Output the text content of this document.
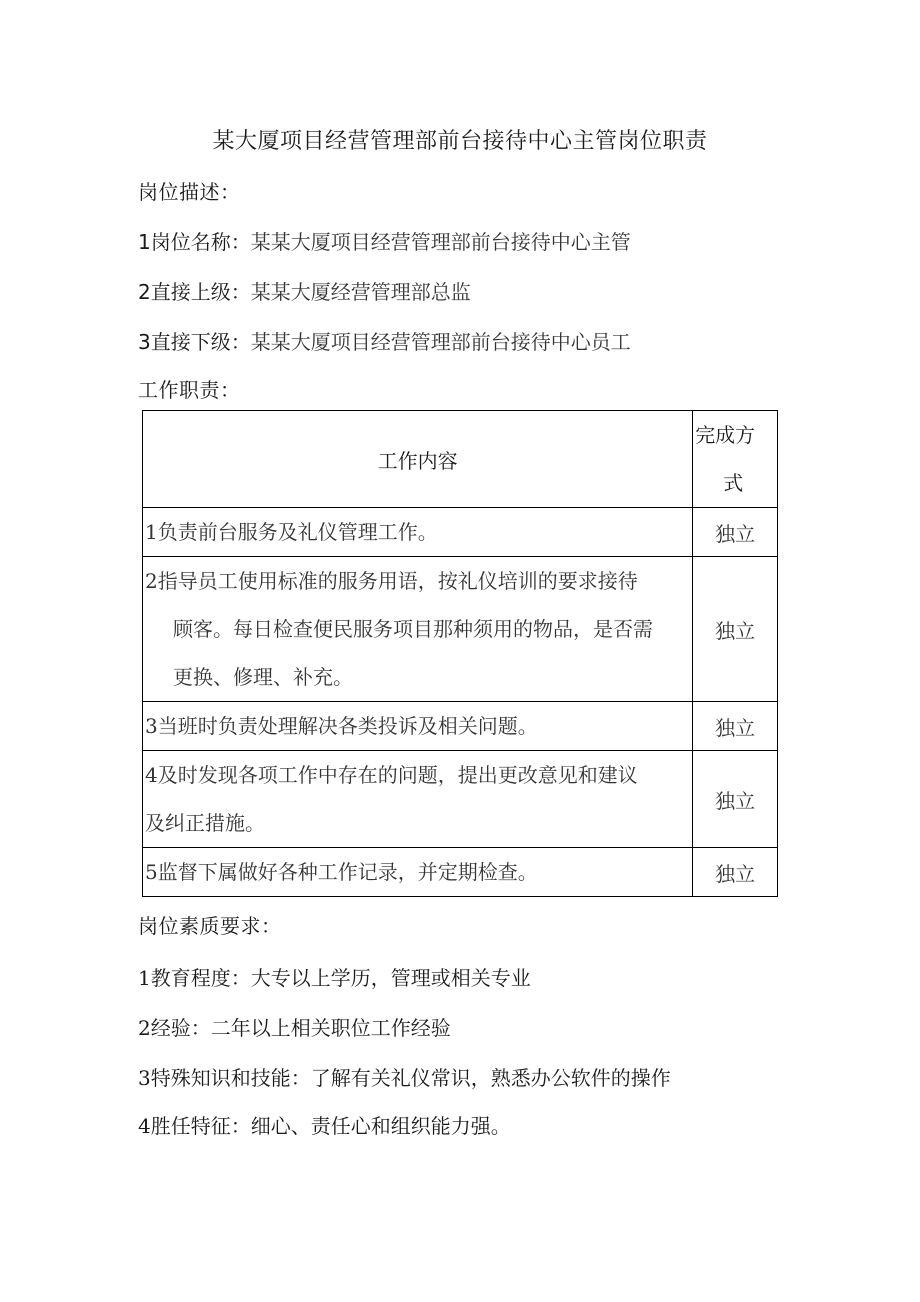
某大厦项目经营管理部前台接待中心主管岗位职责
岗位描述：
1岗位名称：某某大厦项目经营管理部前台接待中心主管
2直接上级：某某大厦经营管理部总监
3直接下级：某某大厦项目经营管理部前台接待中心员工
工作职责：
工作内容	完成方
式

1负责前台服务及礼仪管理工作。	独立

2指导员工使用标准的服务用语，按礼仪培训的要求接待
顾客。每日检查便民服务项目那种须用的物品，是否需
更换、修理、补充。	独立

3当班时负责处理解决各类投诉及相关问题。	独立

4及时发现各项工作中存在的问题，提出更改意见和建议
及纠正措施。	独立

5监督下属做好各种工作记录，并定期检查。	独立
岗位素质要求：
1教育程度：大专以上学历，管理或相关专业
2经验：二年以上相关职位工作经验
3特殊知识和技能：了解有关礼仪常识，熟悉办公软件的操作
4胜任特征：细心、责任心和组织能力强。
